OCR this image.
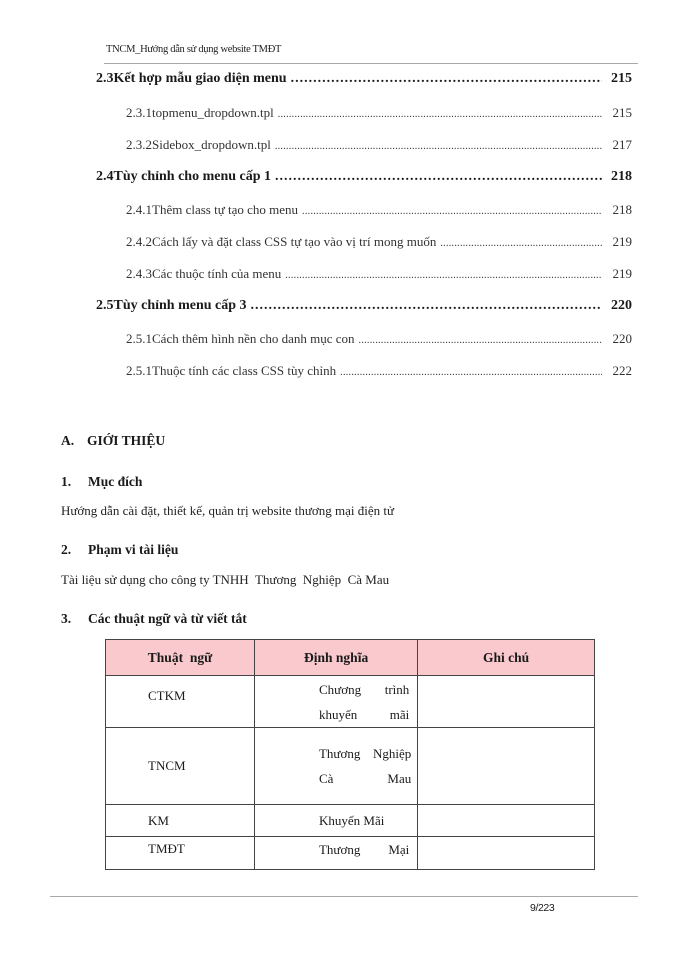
TNCM_Hướng dẫn sử dụng website TMĐT
2.3 Kết hợp mẫu giao diện menu .....	215
2.3.1 topmenu_dropdown.tpl .....	215
2.3.2 Sidebox_dropdown.tpl .....	217
2.4 Tùy chỉnh cho menu cấp 1 .....	218
2.4.1 Thêm class tự tạo cho menu .....	218
2.4.2 Cách lấy và đặt class CSS tự tạo vào vị trí mong muốn .....	219
2.4.3 Các thuộc tính của menu .....	219
2.5 Tùy chỉnh menu cấp 3 .....	220
2.5.1 Cách thêm hình nền cho danh mục con .....	220
2.5.1 Thuộc tính các class CSS tùy chỉnh .....	222
A. GIỚI THIỆU
1. Mục đích
Hướng dẫn cài đặt, thiết kế, quản trị website thương mại điện tử
2. Phạm vi tài liệu
Tài liệu sử dụng cho công ty TNHH  Thương  Nghiệp  Cà Mau
3. Các thuật ngữ và từ viết tắt
Thuật  ngữ	Định nghĩa	Ghi chú

CTKM	Chương trình khuyến mãi	

TNCM	Thương Nghiệp Cà Mau	

KM	Khuyến Mãi	

TMĐT	Thương Mại	

9/223
